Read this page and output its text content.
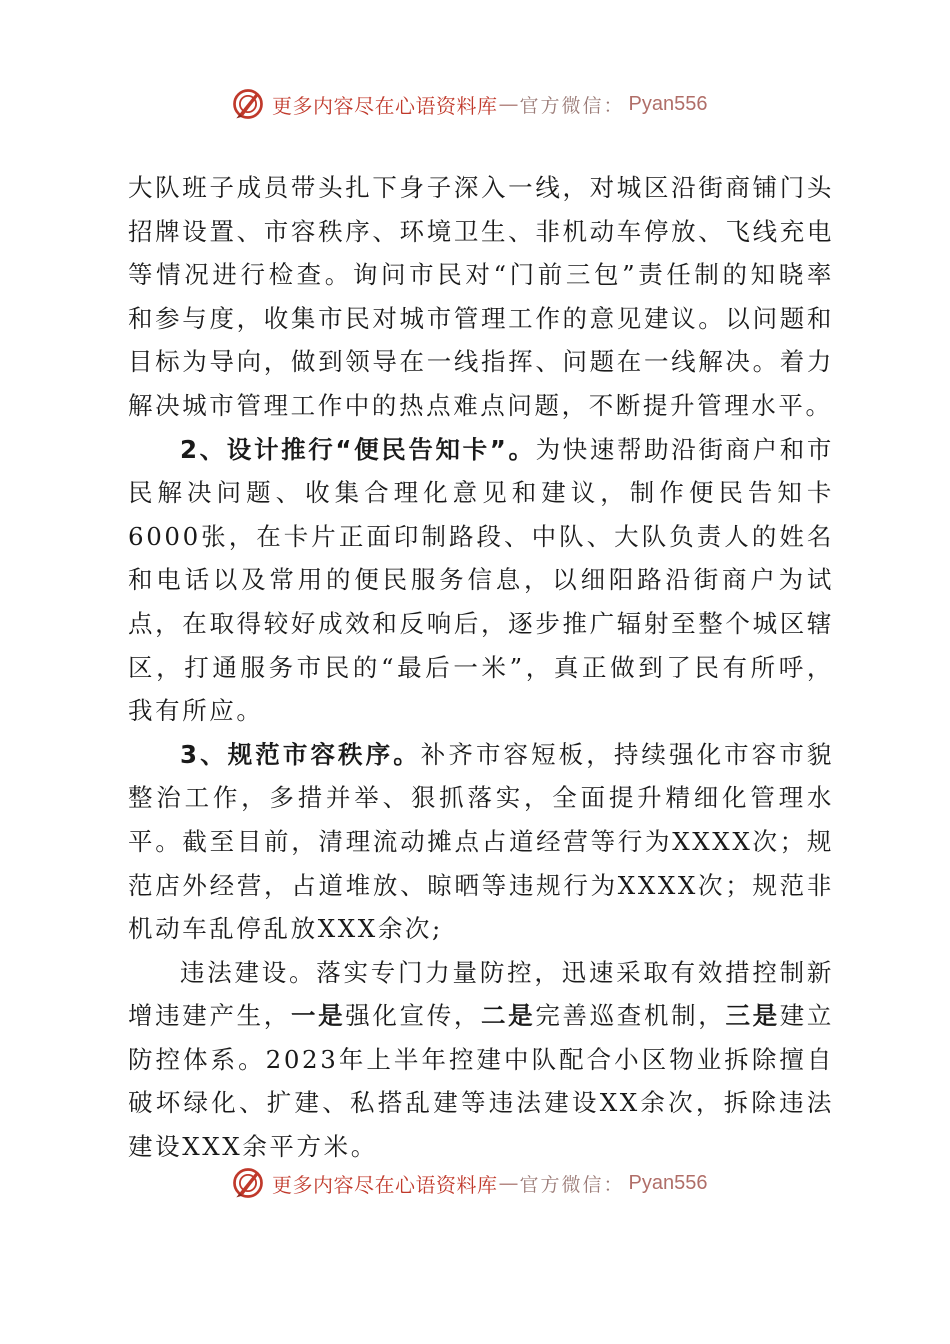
更多内容尽在心语资料库 — 官方微信： Pyan556

大队班子成员带头扎下身子深入一线，对城区沿街商铺门头招牌设置、市容秩序、环境卫生、非机动车停放、飞线充电等情况进行检查。询问市民对“门前三包”责任制的知晓率和参与度，收集市民对城市管理工作的意见建议。以问题和目标为导向，做到领导在一线指挥、问题在一线解决。着力解决城市管理工作中的热点难点问题，不断提升管理水平。

2、设计推行“便民告知卡”。为快速帮助沿街商户和市民解决问题、收集合理化意见和建议，制作便民告知卡6000张，在卡片正面印制路段、中队、大队负责人的姓名和电话以及常用的便民服务信息，以细阳路沿街商户为试点，在取得较好成效和反响后，逐步推广辐射至整个城区辖区，打通服务市民的“最后一米”，真正做到了民有所呼，我有所应。

3、规范市容秩序。补齐市容短板，持续强化市容市貌整治工作，多措并举、狠抓落实，全面提升精细化管理水平。截至目前，清理流动摊点占道经营等行为XXXX次；规范店外经营，占道堆放、晾晒等违规行为XXXX次；规范非机动车乱停乱放XXX余次;

违法建设。落实专门力量防控，迅速采取有效措控制新增违建产生，一是强化宣传，二是完善巡查机制，三是建立防控体系。2023年上半年控建中队配合小区物业拆除擅自破坏绿化、扩建、私搭乱建等违法建设XX余次，拆除违法建设XXX余平方米。

更多内容尽在心语资料库 — 官方微信： Pyan556
